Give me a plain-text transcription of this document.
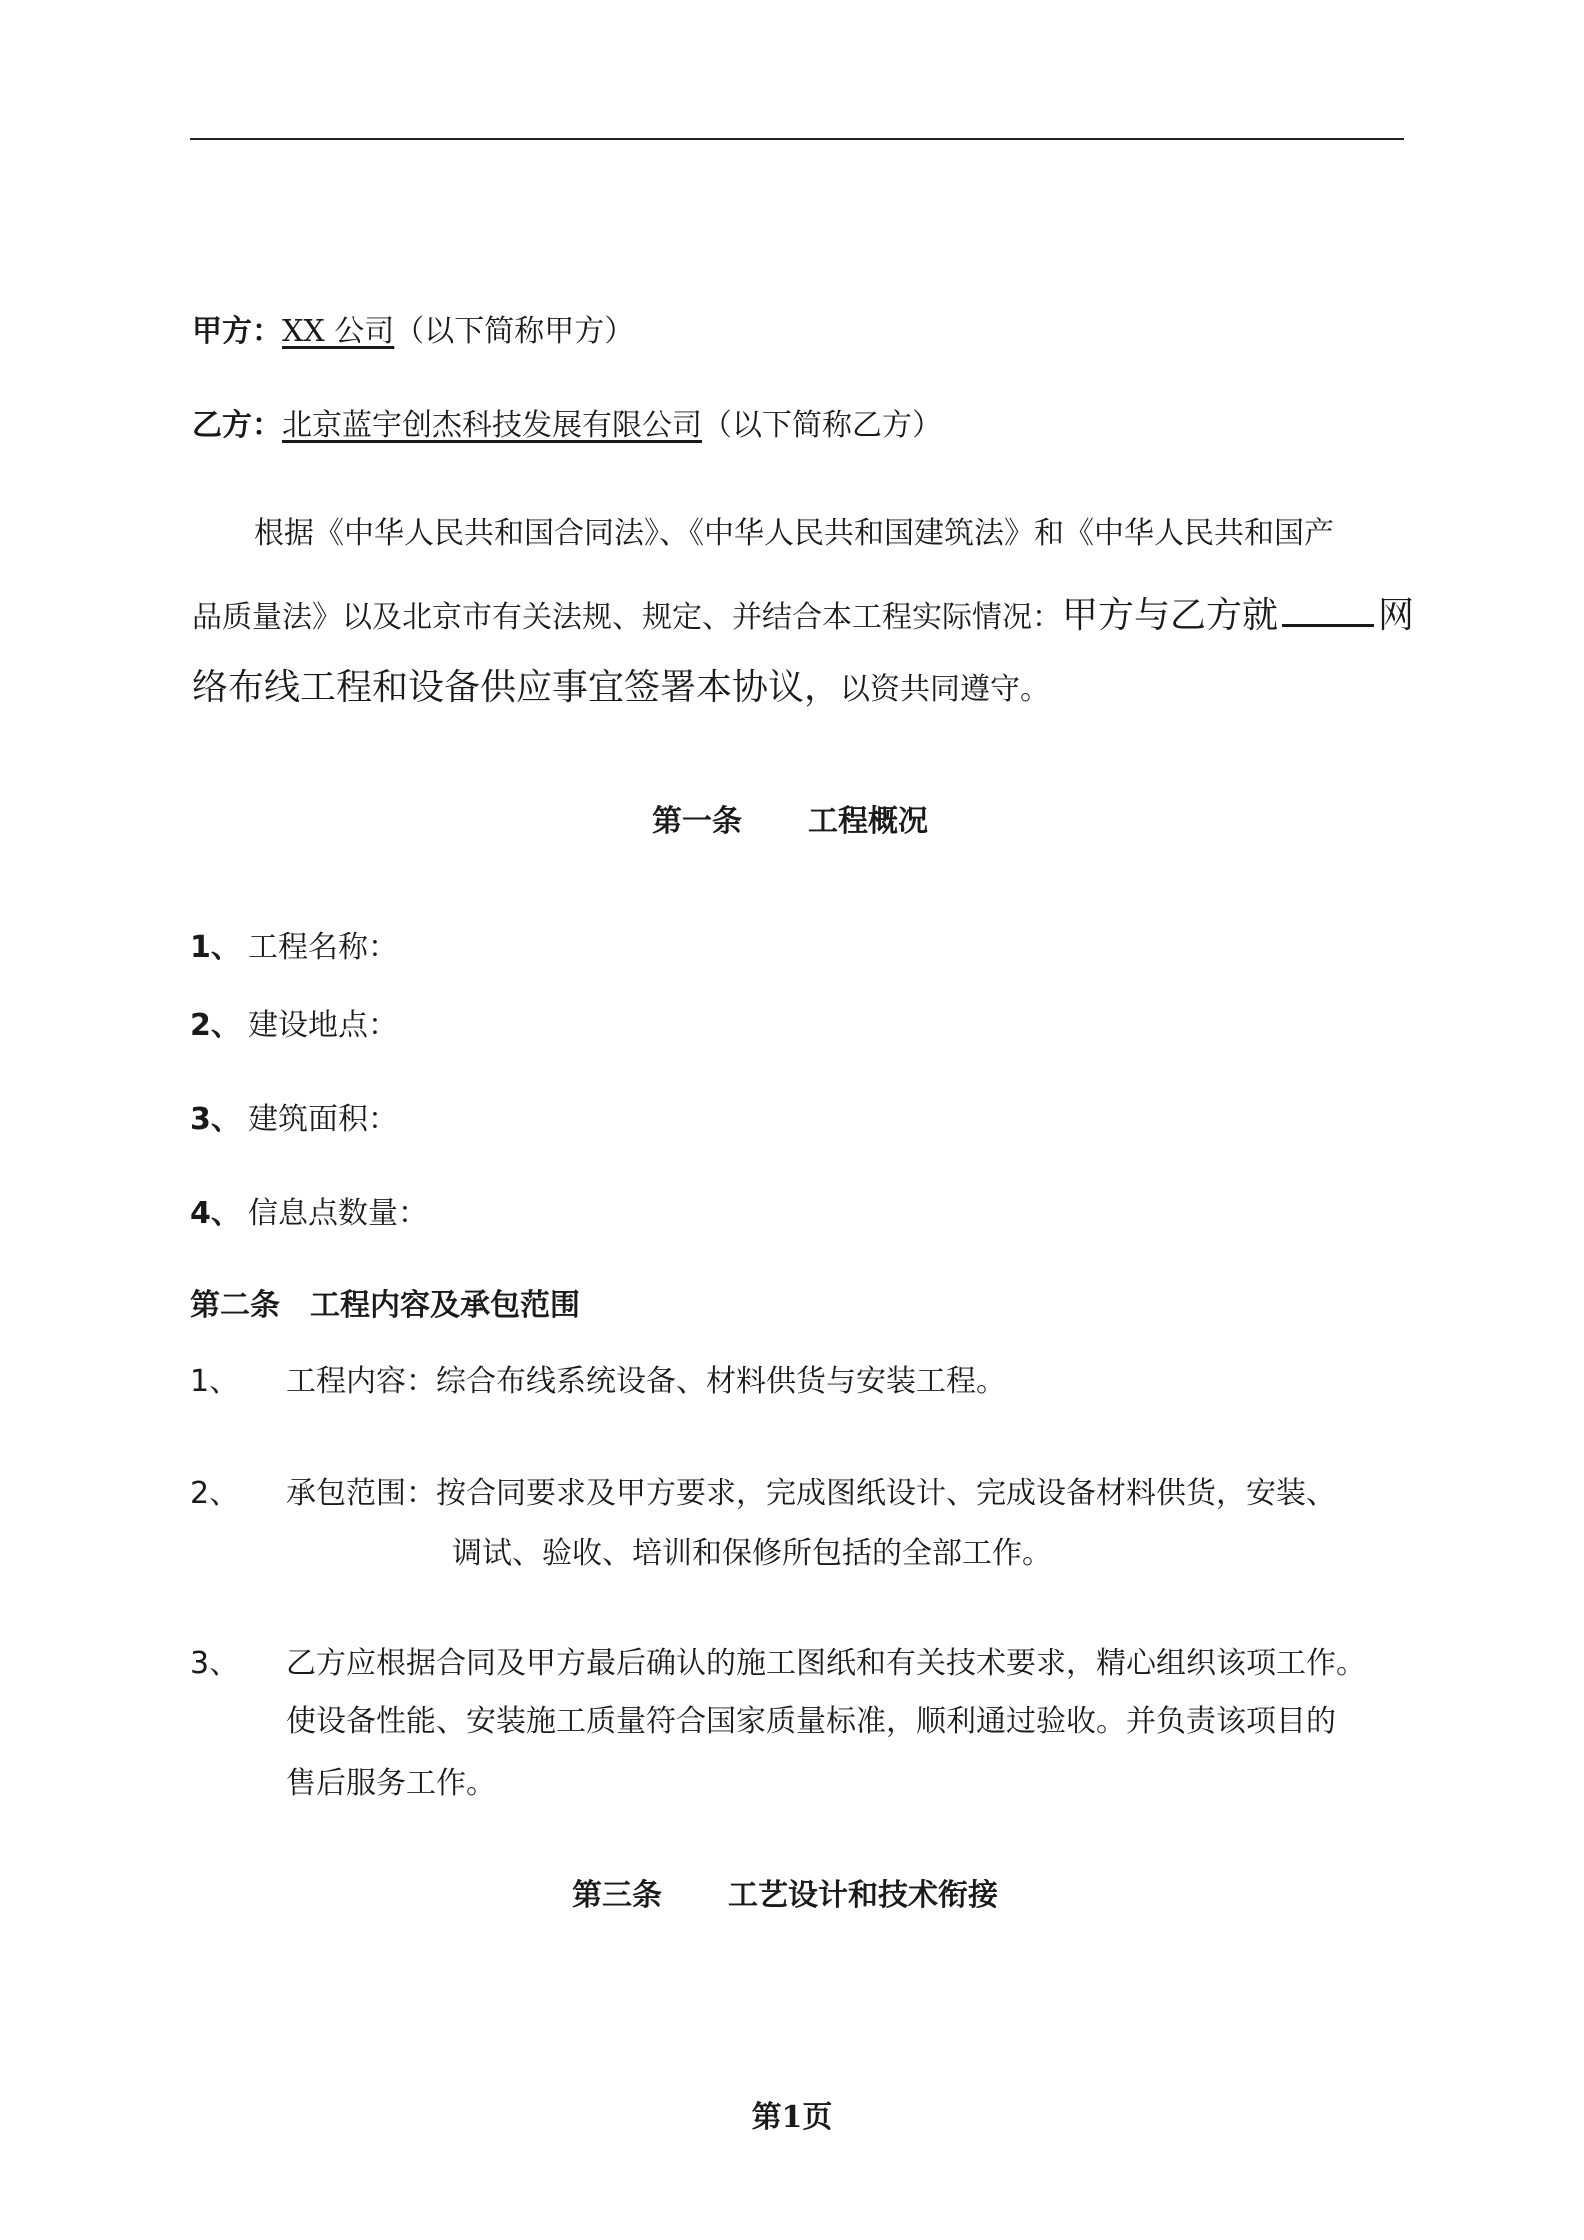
甲方：XX 公司（以下简称甲方）
乙方：北京蓝宇创杰科技发展有限公司（以下简称乙方）
根据《中华人民共和国合同法》、《中华人民共和国建筑法》和《中华人民共和国产
品质量法》以及北京市有关法规、规定、并结合本工程实际情况：甲方与乙方就	网
络布线工程和设备供应事宜签署本协议，以资共同遵守。
第一条 工程概况
1、 工程名称：
2、 建设地点：
3、 建筑面积：
4、 信息点数量：
第二条　工程内容及承包范围
1、 工程内容：综合布线系统设备、材料供货与安装工程。
2、 承包范围：按合同要求及甲方要求，完成图纸设计、完成设备材料供货，安装、
调试、验收、培训和保修所包括的全部工作。
3、 乙方应根据合同及甲方最后确认的施工图纸和有关技术要求，精心组织该项工作。
使设备性能、安装施工质量符合国家质量标准，顺利通过验收。并负责该项目的
售后服务工作。
第三条 工艺设计和技术衔接
第1页
